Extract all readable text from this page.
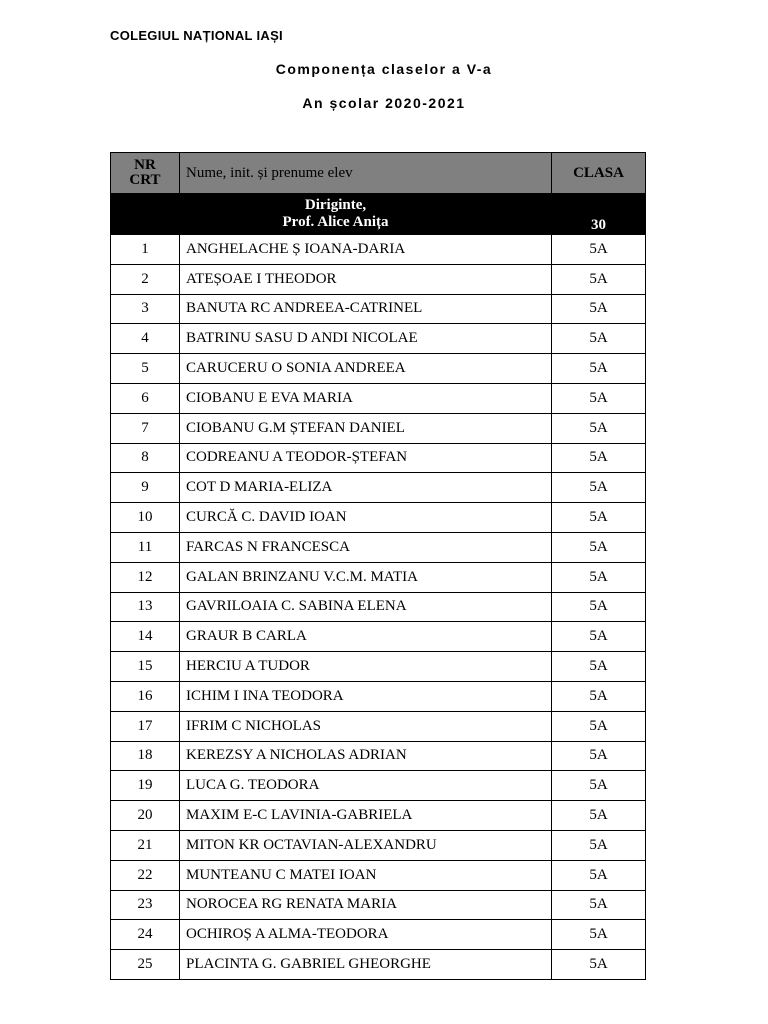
COLEGIUL NAȚIONAL IAȘI
Componența claselor a V-a
An școlar 2020-2021
NR
CRT	Nume, init. și prenume elev	CLASA

	Diriginte,
Prof. Alice Anița	30
1	ANGHELACHE Ș IOANA-DARIA	5A
2	ATEȘOAE I THEODOR	5A
3	BANUTA RC ANDREEA-CATRINEL	5A
4	BATRINU SASU D ANDI NICOLAE	5A
5	CARUCERU O SONIA ANDREEA	5A
6	CIOBANU E EVA MARIA	5A
7	CIOBANU G.M ȘTEFAN DANIEL	5A
8	CODREANU A TEODOR-ȘTEFAN	5A
9	COT D MARIA-ELIZA	5A
10	CURCĂ C. DAVID IOAN	5A
11	FARCAS N FRANCESCA	5A
12	GALAN BRINZANU V.C.M. MATIA	5A
13	GAVRILOAIA C. SABINA ELENA	5A
14	GRAUR B CARLA	5A
15	HERCIU A TUDOR	5A
16	ICHIM I INA TEODORA	5A
17	IFRIM C NICHOLAS	5A
18	KEREZSY A NICHOLAS ADRIAN	5A
19	LUCA G. TEODORA	5A
20	MAXIM E-C LAVINIA-GABRIELA	5A
21	MITON KR OCTAVIAN-ALEXANDRU	5A
22	MUNTEANU C MATEI IOAN	5A
23	NOROCEA RG RENATA MARIA	5A
24	OCHIROȘ A ALMA-TEODORA	5A
25	PLACINTA G. GABRIEL GHEORGHE	5A
